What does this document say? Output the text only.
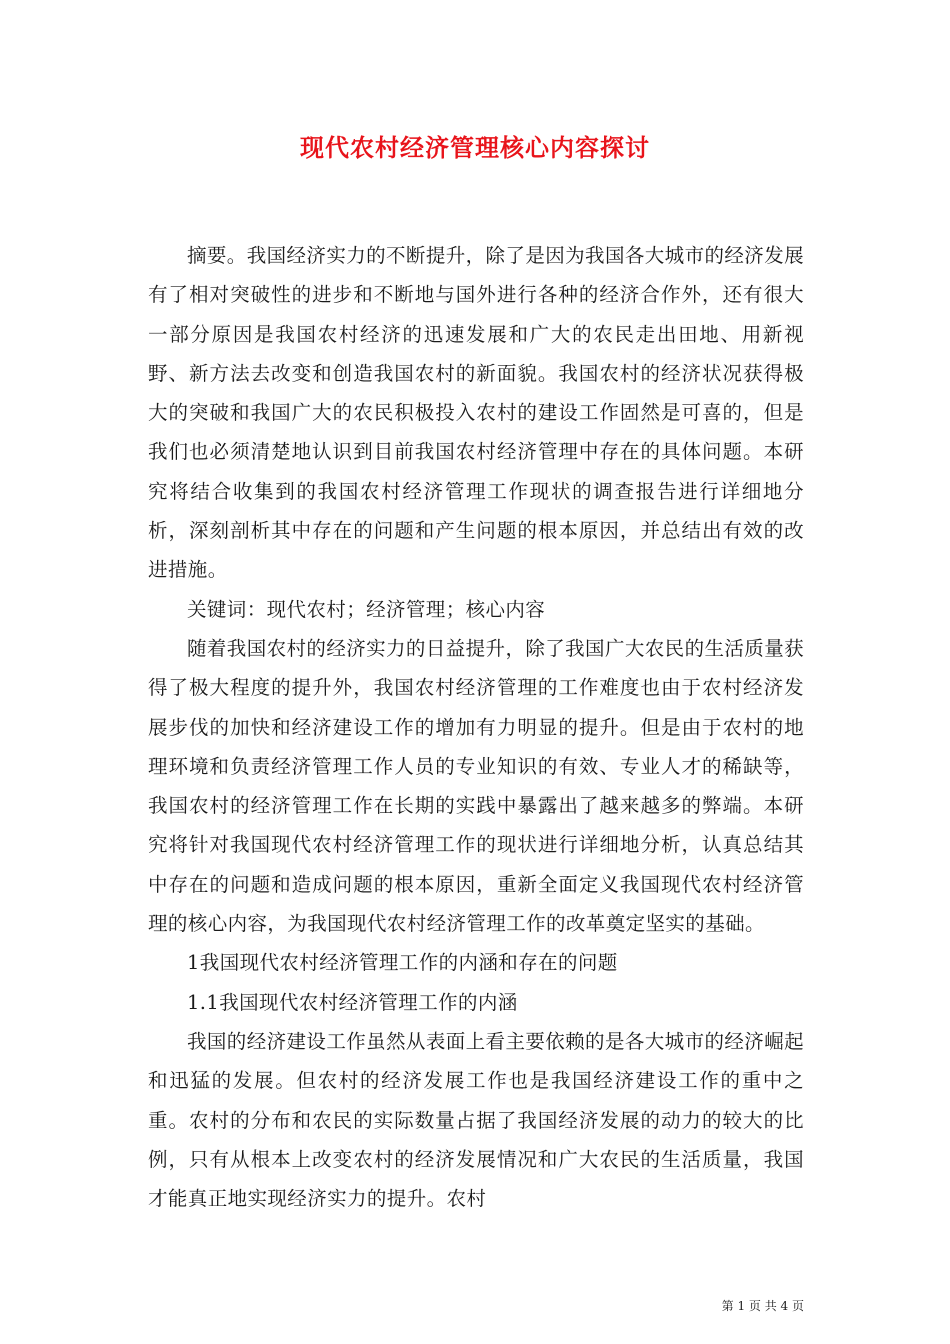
现代农村经济管理核心内容探讨

摘要。我国经济实力的不断提升，除了是因为我国各大城市的经济发展有了相对突破性的进步和不断地与国外进行各种的经济合作外，还有很大一部分原因是我国农村经济的迅速发展和广大的农民走出田地、用新视野、新方法去改变和创造我国农村的新面貌。我国农村的经济状况获得极大的突破和我国广大的农民积极投入农村的建设工作固然是可喜的，但是我们也必须清楚地认识到目前我国农村经济管理中存在的具体问题。本研究将结合收集到的我国农村经济管理工作现状的调查报告进行详细地分析，深刻剖析其中存在的问题和产生问题的根本原因，并总结出有效的改进措施。

关键词：现代农村；经济管理；核心内容

随着我国农村的经济实力的日益提升，除了我国广大农民的生活质量获得了极大程度的提升外，我国农村经济管理的工作难度也由于农村经济发展步伐的加快和经济建设工作的增加有力明显的提升。但是由于农村的地理环境和负责经济管理工作人员的专业知识的有效、专业人才的稀缺等，我国农村的经济管理工作在长期的实践中暴露出了越来越多的弊端。本研究将针对我国现代农村经济管理工作的现状进行详细地分析，认真总结其中存在的问题和造成问题的根本原因，重新全面定义我国现代农村经济管理的核心内容，为我国现代农村经济管理工作的改革奠定坚实的基础。

1我国现代农村经济管理工作的内涵和存在的问题

1.1我国现代农村经济管理工作的内涵

我国的经济建设工作虽然从表面上看主要依赖的是各大城市的经济崛起和迅猛的发展。但农村的经济发展工作也是我国经济建设工作的重中之重。农村的分布和农民的实际数量占据了我国经济发展的动力的较大的比例，只有从根本上改变农村的经济发展情况和广大农民的生活质量，我国才能真正地实现经济实力的提升。农村

第 1 页 共 4 页
